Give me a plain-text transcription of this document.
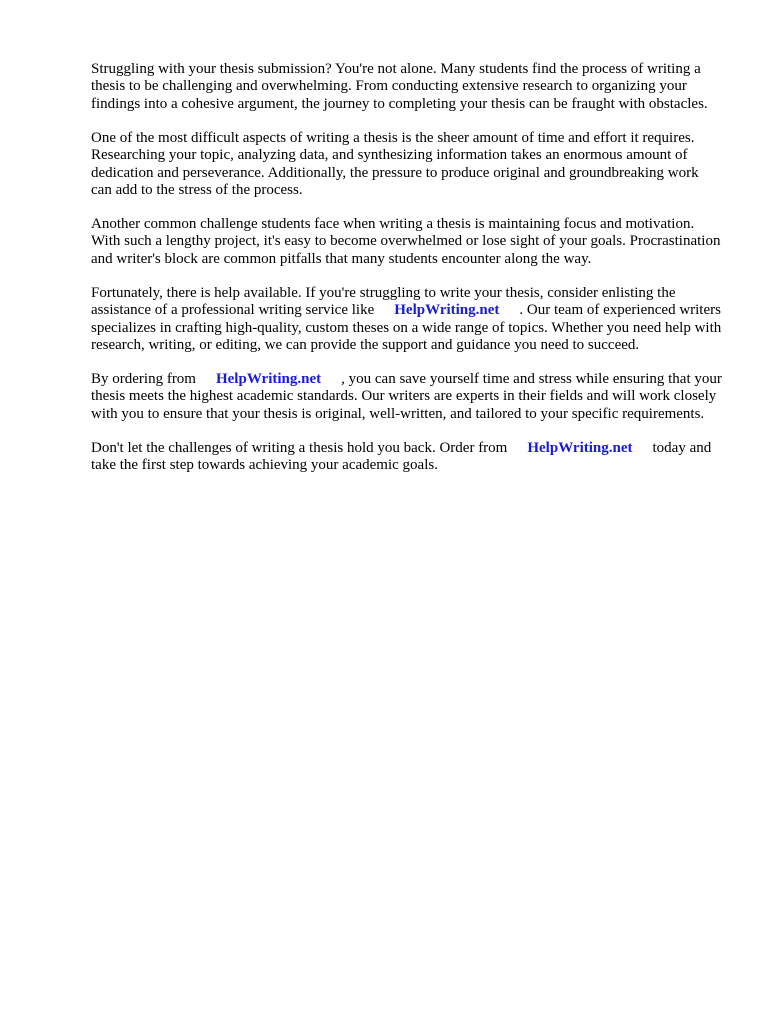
Struggling with your thesis submission? You're not alone. Many students find the process of writing a thesis to be challenging and overwhelming. From conducting extensive research to organizing your findings into a cohesive argument, the journey to completing your thesis can be fraught with obstacles.

One of the most difficult aspects of writing a thesis is the sheer amount of time and effort it requires. Researching your topic, analyzing data, and synthesizing information takes an enormous amount of dedication and perseverance. Additionally, the pressure to produce original and groundbreaking work can add to the stress of the process.

Another common challenge students face when writing a thesis is maintaining focus and motivation. With such a lengthy project, it's easy to become overwhelmed or lose sight of your goals. Procrastination and writer's block are common pitfalls that many students encounter along the way.

Fortunately, there is help available. If you're struggling to write your thesis, consider enlisting the assistance of a professional writing service like HelpWriting.net . Our team of experienced writers specializes in crafting high-quality, custom theses on a wide range of topics. Whether you need help with research, writing, or editing, we can provide the support and guidance you need to succeed.

By ordering from HelpWriting.net , you can save yourself time and stress while ensuring that your thesis meets the highest academic standards. Our writers are experts in their fields and will work closely with you to ensure that your thesis is original, well-written, and tailored to your specific requirements.

Don't let the challenges of writing a thesis hold you back. Order from HelpWriting.net today and take the first step towards achieving your academic goals.
